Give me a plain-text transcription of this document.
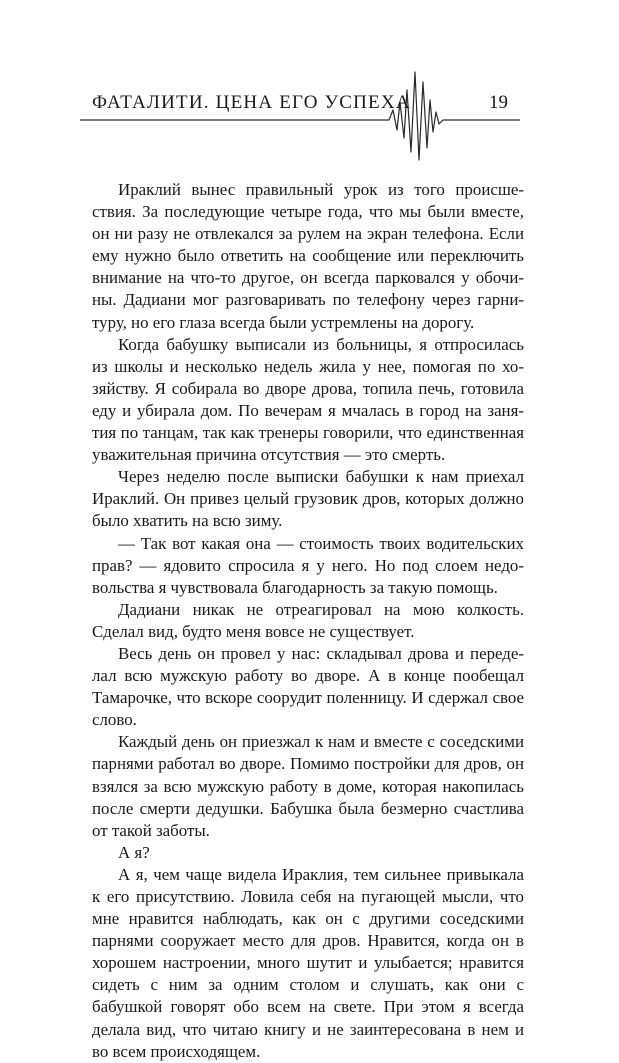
ФАТАЛИТИ. ЦЕНА ЕГО УСПЕХА	19

Ираклий вынес правильный урок из того происшествия. За последующие четыре года, что мы были вместе, он ни разу не отвлекался за рулем на экран телефона. Если ему нужно было ответить на сообщение или переключить внимание на что-то другое, он всегда парковался у обочины. Дадиани мог разговаривать по телефону через гарнитуру, но его глаза всегда были устремлены на дорогу.

Когда бабушку выписали из больницы, я отпросилась из школы и несколько недель жила у нее, помогая по хозяйству. Я собирала во дворе дрова, топила печь, готовила еду и убирала дом. По вечерам я мчалась в город на занятия по танцам, так как тренеры говорили, что единственная уважительная причина отсутствия — это смерть.

Через неделю после выписки бабушки к нам приехал Ираклий. Он привез целый грузовик дров, которых должно было хватить на всю зиму.

— Так вот какая она — стоимость твоих водительских прав? — ядовито спросила я у него. Но под слоем недовольства я чувствовала благодарность за такую помощь.

Дадиани никак не отреагировал на мою колкость. Сделал вид, будто меня вовсе не существует.

Весь день он провел у нас: складывал дрова и переделал всю мужскую работу во дворе. А в конце пообещал Тамарочке, что вскоре соорудит поленницу. И сдержал свое слово.

Каждый день он приезжал к нам и вместе с соседскими парнями работал во дворе. Помимо постройки для дров, он взялся за всю мужскую работу в доме, которая накопилась после смерти дедушки. Бабушка была безмерно счастлива от такой заботы.

А я?

А я, чем чаще видела Ираклия, тем сильнее привыкала к его присутствию. Ловила себя на пугающей мысли, что мне нравится наблюдать, как он с другими соседскими парнями сооружает место для дров. Нравится, когда он в хорошем настроении, много шутит и улыбается; нравится сидеть с ним за одним столом и слушать, как они с бабушкой говорят обо всем на свете. При этом я всегда делала вид, что читаю книгу и не заинтересована в нем и во всем происходящем.
